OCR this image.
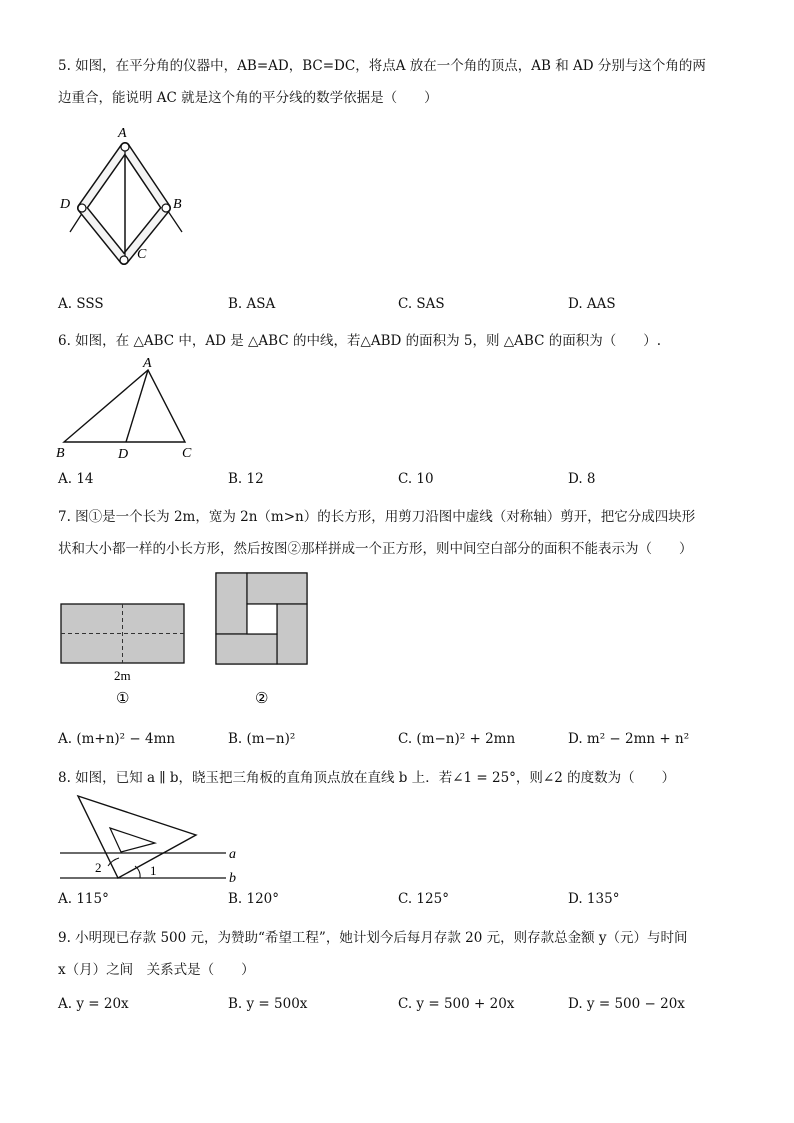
5. 如图，在平分角的仪器中，AB=AD，BC=DC，将点A 放在一个角的顶点，AB 和 AD 分别与这个角的两
边重合，能说明 AC 就是这个角的平分线的数学依据是（　　）
A
D	B
C
A. SSS	B. ASA	C. SAS	D. AAS
6. 如图，在 △ABC 中，AD 是 △ABC 的中线，若△ABD 的面积为 5，则 △ABC 的面积为（　　）.
A
B	D	C
A. 14	B. 12	C. 10	D. 8
7. 图①是一个长为 2m，宽为 2n（m>n）的长方形，用剪刀沿图中虚线（对称轴）剪开，把它分成四块形
状和大小都一样的小长方形，然后按图②那样拼成一个正方形，则中间空白部分的面积不能表示为（　　）
2m
①	②
A. (m+n)² − 4mn	B. (m−n)²	C. (m−n)² + 2mn	D. m² − 2mn + n²
8. 如图，已知 a ∥ b，晓玉把三角板的直角顶点放在直线 b 上．若∠1 = 25°，则∠2 的度数为（　　）
a
b
2	1
A. 115°	B. 120°	C. 125°	D. 135°
9. 小明现已存款 500 元，为赞助“希望工程”，她计划今后每月存款 20 元，则存款总金额 y（元）与时间
x（月）之间　关系式是（　　）
A. y = 20x	B. y = 500x	C. y = 500 + 20x	D. y = 500 − 20x
